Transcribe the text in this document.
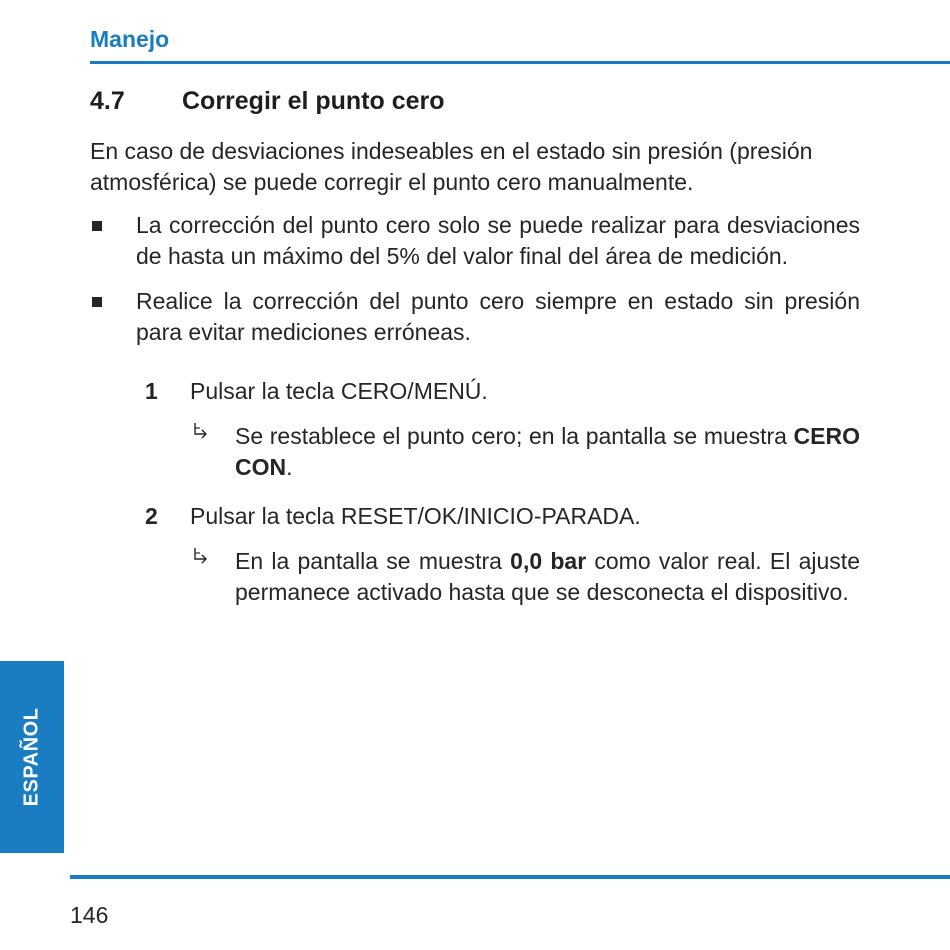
Manejo
4.7 Corregir el punto cero

En caso de desviaciones indeseables en el estado sin presión (presión atmosférica) se puede corregir el punto cero manualmente.

La corrección del punto cero solo se puede realizar para desviaciones de hasta un máximo del 5% del valor final del área de medición.
Realice la corrección del punto cero siempre en estado sin presión para evitar mediciones erróneas.
1 Pulsar la tecla CERO/MENÚ.
Se restablece el punto cero; en la pantalla se muestra CERO CON.
2 Pulsar la tecla RESET/OK/INICIO-PARADA.
En la pantalla se muestra 0,0 bar como valor real. El ajuste permanece activado hasta que se desconecta el dispositivo.
ESPAÑOL
146
